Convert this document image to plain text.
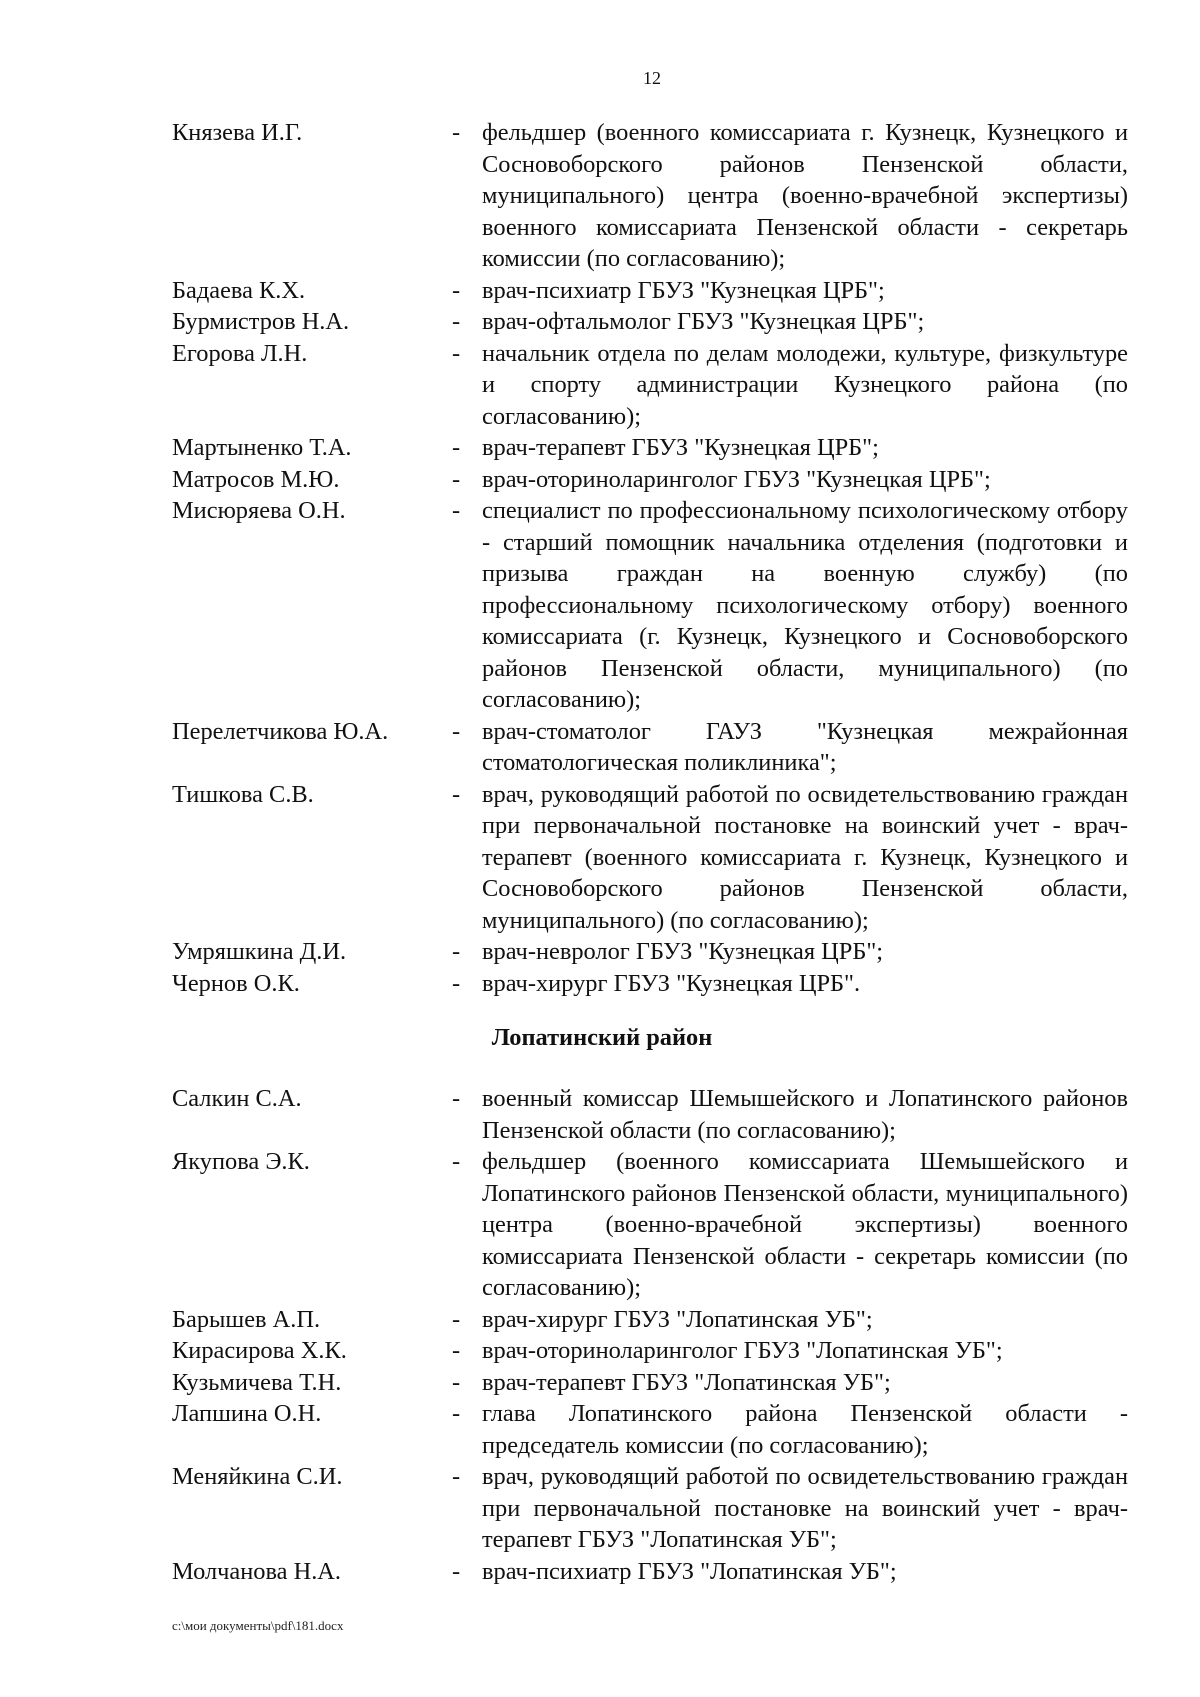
12
Князева И.Г.	- фельдшер (военного комиссариата г. Кузнецк, Кузнецкого и Сосновоборского районов Пензенской области, муниципального) центра (военно-врачебной экспертизы) военного комиссариата Пензенской области - секретарь комиссии (по согласованию);
Бадаева К.Х.	- врач-психиатр ГБУЗ "Кузнецкая ЦРБ";
Бурмистров Н.А.	- врач-офтальмолог ГБУЗ "Кузнецкая ЦРБ";
Егорова Л.Н.	- начальник отдела по делам молодежи, культуре, физкультуре и спорту администрации Кузнецкого района (по согласованию);
Мартыненко Т.А.	- врач-терапевт ГБУЗ "Кузнецкая ЦРБ";
Матросов М.Ю.	- врач-оториноларинголог ГБУЗ "Кузнецкая ЦРБ";
Мисюряева О.Н.	- специалист по профессиональному психологическому отбору - старший помощник начальника отделения (подготовки и призыва граждан на военную службу) (по профессиональному психологическому отбору) военного комиссариата (г. Кузнецк, Кузнецкого и Сосновоборского районов Пензенской области, муниципального) (по согласованию);
Перелетчикова Ю.А.	- врач-стоматолог ГАУЗ "Кузнецкая межрайонная стоматологическая поликлиника";
Тишкова С.В.	- врач, руководящий работой по освидетельствованию граждан при первоначальной постановке на воинский учет - врач-терапевт (военного комиссариата г. Кузнецк, Кузнецкого и Сосновоборского районов Пензенской области, муниципального) (по согласованию);
Умряшкина Д.И.	- врач-невролог ГБУЗ "Кузнецкая ЦРБ";
Чернов О.К.	- врач-хирург ГБУЗ "Кузнецкая ЦРБ".
Лопатинский район
Салкин С.А.	- военный комиссар Шемышейского и Лопатинского районов Пензенской области (по согласованию);
Якупова Э.К.	- фельдшер (военного комиссариата Шемышейского и Лопатинского районов Пензенской области, муниципального) центра (военно-врачебной экспертизы) военного комиссариата Пензенской области - секретарь комиссии (по согласованию);
Барышев А.П.	- врач-хирург ГБУЗ "Лопатинская УБ";
Кирасирова Х.К.	- врач-оториноларинголог ГБУЗ "Лопатинская УБ";
Кузьмичева Т.Н.	- врач-терапевт ГБУЗ "Лопатинская УБ";
Лапшина О.Н.	- глава Лопатинского района Пензенской области - председатель комиссии (по согласованию);
Меняйкина С.И.	- врач, руководящий работой по освидетельствованию граждан при первоначальной постановке на воинский учет - врач-терапевт ГБУЗ "Лопатинская УБ";
Молчанова Н.А.	- врач-психиатр ГБУЗ "Лопатинская УБ";
c:\мои документы\pdf\181.docx
